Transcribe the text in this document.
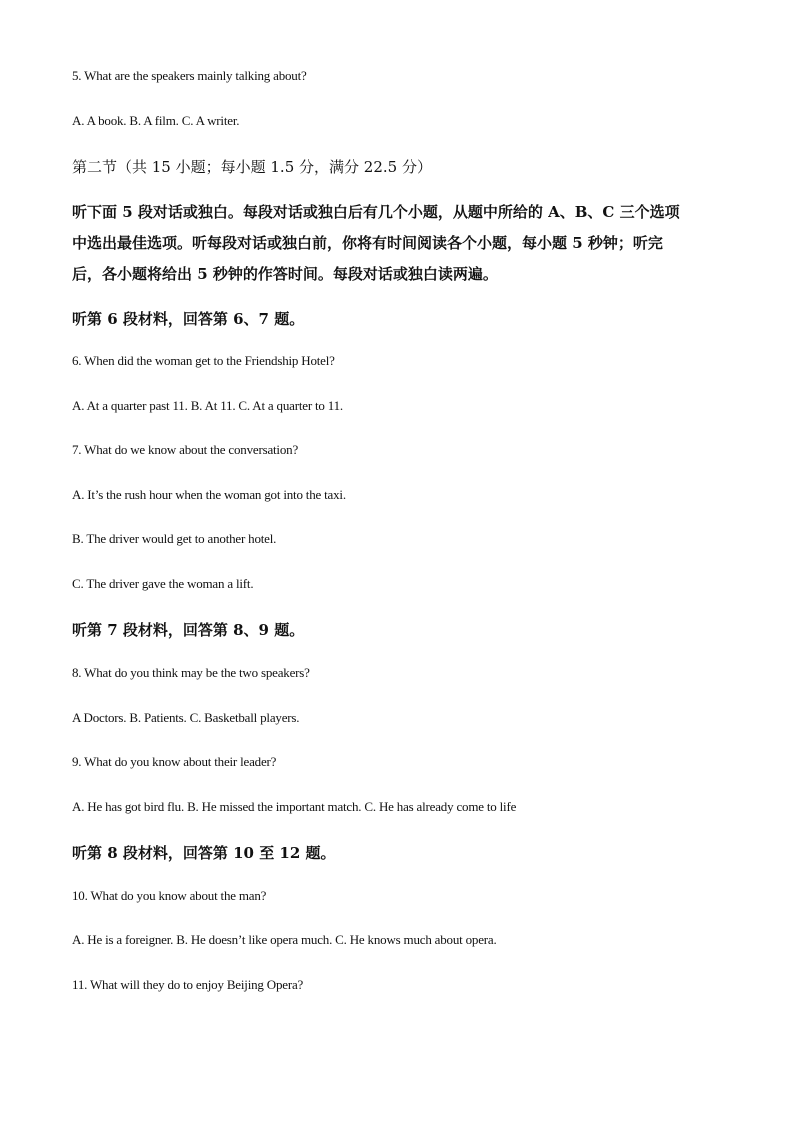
5. What are the speakers mainly talking about?
A. A book. B. A film. C. A writer.
第二节（共 15 小题；每小题 1.5 分，满分 22.5 分）
听下面 5 段对话或独白。每段对话或独白后有几个小题，从题中所给的 A、B、C 三个选项
中选出最佳选项。听每段对话或独白前，你将有时间阅读各个小题，每小题 5 秒钟；听完
后，各小题将给出 5 秒钟的作答时间。每段对话或独白读两遍。
听第 6 段材料，回答第 6、7 题。
6. When did the woman get to the Friendship Hotel?
A. At a quarter past 11. B. At 11. C. At a quarter to 11.
7. What do we know about the conversation?
A. It’s the rush hour when the woman got into the taxi.
B. The driver would get to another hotel.
C. The driver gave the woman a lift.
听第 7 段材料，回答第 8、9 题。
8. What do you think may be the two speakers?
A Doctors. B. Patients. C. Basketball players.
9. What do you know about their leader?
A. He has got bird flu. B. He missed the important match. C. He has already come to life
听第 8 段材料，回答第 10 至 12 题。
10. What do you know about the man?
A. He is a foreigner. B. He doesn’t like opera much. C. He knows much about opera.
11. What will they do to enjoy Beijing Opera?
